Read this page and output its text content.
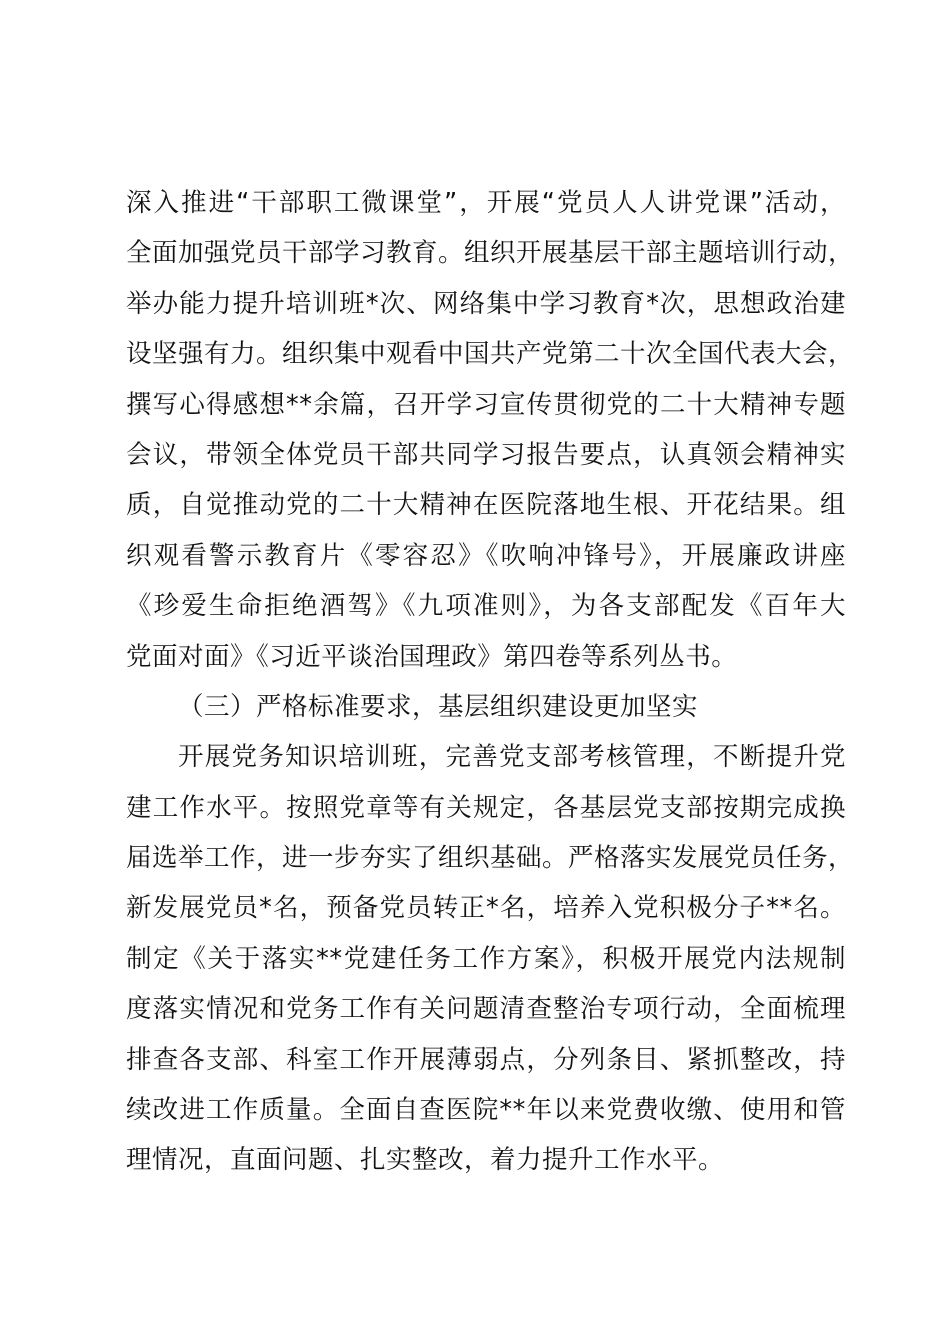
深入推进“干部职工微课堂”，开展“党员人人讲党课”活动，
全面加强党员干部学习教育。组织开展基层干部主题培训行动，
举办能力提升培训班*次、网络集中学习教育*次，思想政治建
设坚强有力。组织集中观看中国共产党第二十次全国代表大会，
撰写心得感想**余篇，召开学习宣传贯彻党的二十大精神专题
会议，带领全体党员干部共同学习报告要点，认真领会精神实
质，自觉推动党的二十大精神在医院落地生根、开花结果。组
织观看警示教育片《零容忍》《吹响冲锋号》，开展廉政讲座
《珍爱生命拒绝酒驾》《九项准则》，为各支部配发《百年大
党面对面》《习近平谈治国理政》第四卷等系列丛书。
（三）严格标准要求，基层组织建设更加坚实
开展党务知识培训班，完善党支部考核管理，不断提升党
建工作水平。按照党章等有关规定，各基层党支部按期完成换
届选举工作，进一步夯实了组织基础。严格落实发展党员任务，
新发展党员*名，预备党员转正*名，培养入党积极分子**名。
制定《关于落实**党建任务工作方案》，积极开展党内法规制
度落实情况和党务工作有关问题清查整治专项行动，全面梳理
排查各支部、科室工作开展薄弱点，分列条目、紧抓整改，持
续改进工作质量。全面自查医院**年以来党费收缴、使用和管
理情况，直面问题、扎实整改，着力提升工作水平。
